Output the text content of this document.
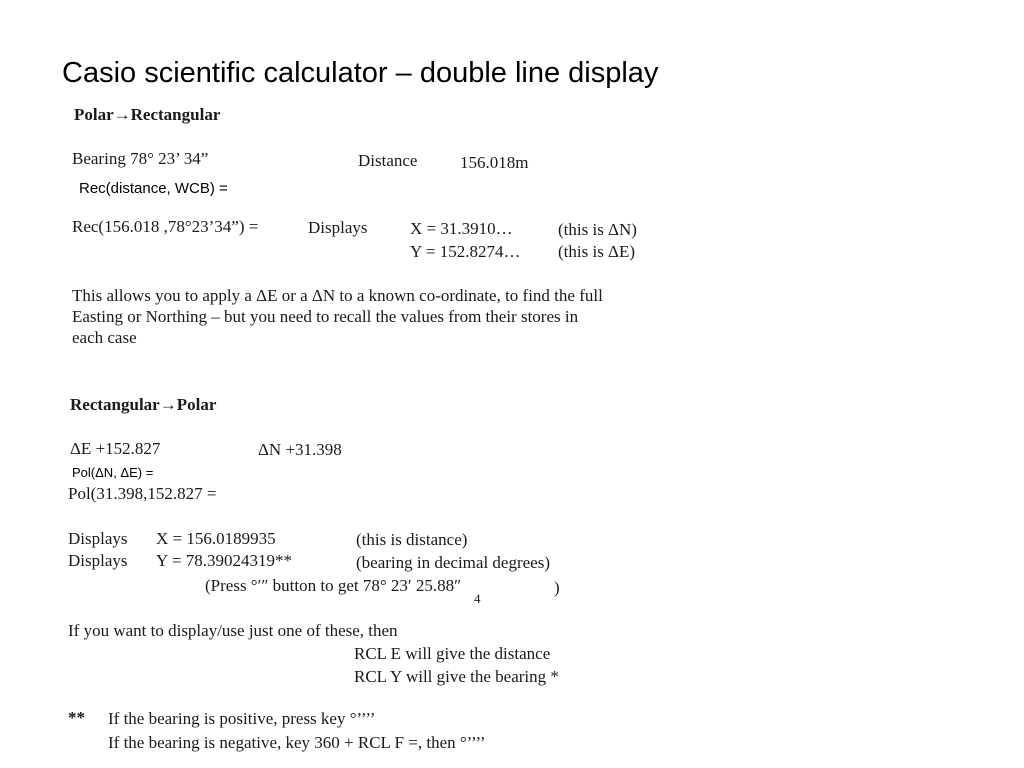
Casio scientific calculator – double line display
Polar→Rectangular
Bearing 78° 23’ 34”	Distance	156.018m
Rec(distance, WCB) =
Rec(156.018 ,78°23’34”) =	Displays	X = 31.3910…	(this is ΔN)
Y = 152.8274… (this is ΔE)
This allows you to apply a ΔE or a ΔN to a known co-ordinate, to find the full
Easting or Northing – but you need to recall the values from their stores in
each case
Rectangular→Polar
ΔE +152.827	ΔN +31.398
Pol(ΔN, ΔE) =
Pol(31.398,152.827 =
Displays X = 156.0189935	(this is distance)
Displays Y = 78.39024319**	(bearing in decimal degrees)
(Press °′″ button to get 78° 23′ 25.88″	)
4
If you want to display/use just one of these, then
RCL E will give the distance
RCL Y will give the bearing *
** If the bearing is positive, press key °’’’’
If the bearing is negative, key 360 + RCL F =, then °’’’’
